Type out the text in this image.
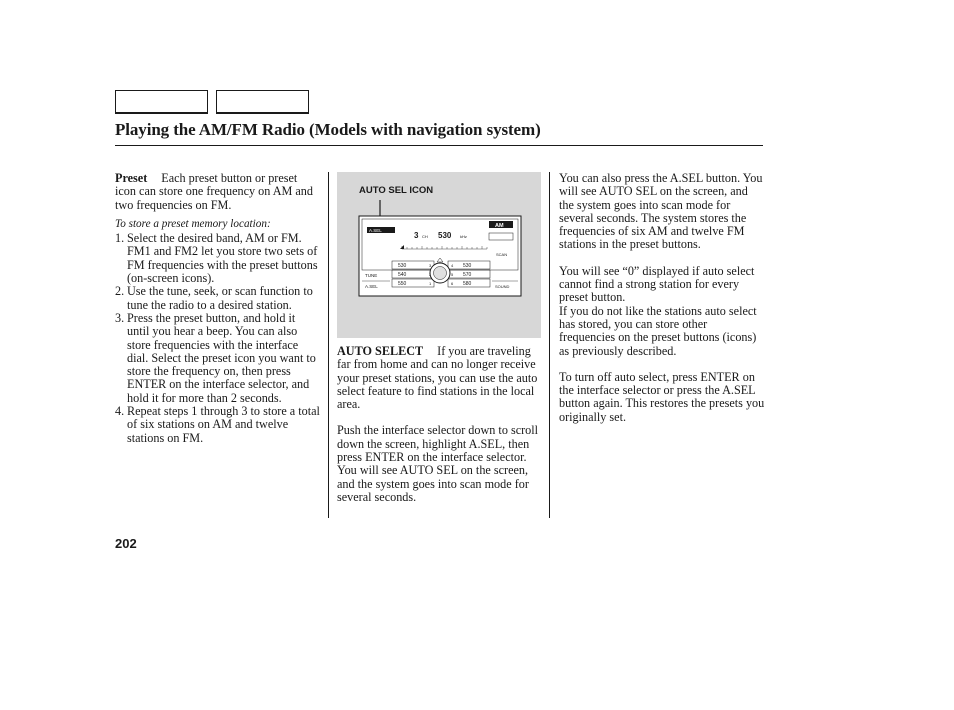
Playing the AM/FM Radio (Models with navigation system)

Preset Each preset button or preset icon can store one frequency on AM and two frequencies on FM.

To store a preset memory location:
1. Select the desired band, AM or FM. FM1 and FM2 let you store two sets of FM frequencies with the preset buttons (on-screen icons).
2. Use the tune, seek, or scan function to tune the radio to a desired station.
3. Press the preset button, and hold it until you hear a beep. You can also store frequencies with the interface dial. Select the preset icon you want to store the frequency on, then press ENTER on the interface selector, and hold it for more than 2 seconds.
4. Repeat steps 1 through 3 to store a total of six stations on AM and twelve stations on FM.
AUTO SEL ICON
A.SEL
3 CH 530 kHz
AM
SCAN
530	3
540
550	1
4 530
5 570
6 580
TUNE
A.SEL	SOUND

AUTO SELECT If you are traveling far from home and can no longer receive your preset stations, you can use the auto select feature to find stations in the local area.

Push the interface selector down to scroll down the screen, highlight A.SEL, then press ENTER on the interface selector. You will see AUTO SEL on the screen, and the system goes into scan mode for several seconds.

You can also press the A.SEL button. You will see AUTO SEL on the screen, and the system goes into scan mode for several seconds. The system stores the frequencies of six AM and twelve FM stations in the preset buttons.

You will see “0” displayed if auto select cannot find a strong station for every preset button.

If you do not like the stations auto select has stored, you can store other frequencies on the preset buttons (icons) as previously described.

To turn off auto select, press ENTER on the interface selector or press the A.SEL button again. This restores the presets you originally set.

202
